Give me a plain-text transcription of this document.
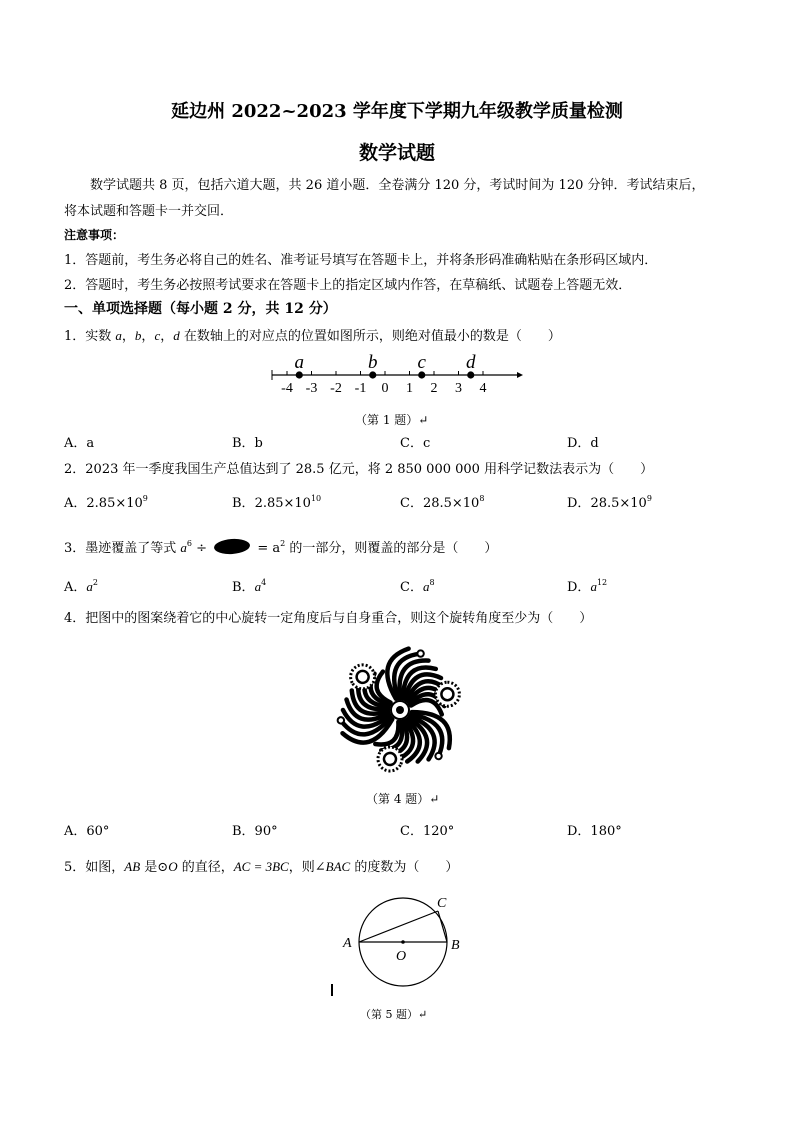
延边州 2022~2023 学年度下学期九年级教学质量检测
数学试题
数学试题共 8 页，包括六道大题，共 26 道小题．全卷满分 120 分，考试时间为 120 分钟．考试结束后，
将本试题和答题卡一并交回．
注意事项：
1．答题前，考生务必将自己的姓名、准考证号填写在答题卡上，并将条形码准确粘贴在条形码区域内．
2．答题时，考生务必按照考试要求在答题卡上的指定区域内作答，在草稿纸、试题卷上答题无效．
一、单项选择题（每小题 2 分，共 12 分）
1．实数 a，b，c，d 在数轴上的对应点的位置如图所示，则绝对值最小的数是（　　）
-4 -3 -2 -1 0 1 2 3 4
a	b c d
（第 1 题）↵
A．a	B．b	C．c	D．d
2．2023 年一季度我国生产总值达到了 28.5 亿元，将 2 850 000 000 用科学记数法表示为（　　）
A．$2.85\times 10^9$	B．$2.85\times 10^{10}$	C．$28.5\times 10^8$	D．$28.5\times 10^9$
3．墨迹覆盖了等式 $a^6$ ÷	= $a^2$ 的一部分，则覆盖的部分是（　　）
A．$a^2$	B．$a^4$	C．$a^8$	D．$a^{12}$
4．把图中的图案绕着它的中心旋转一定角度后与自身重合，则这个旋转角度至少为（　　）
（第 4 题）↵
A．60°	B．90°	C．120°	D．180°
5．如图，AB 是⊙O 的直径，AC = 3BC，则∠BAC 的度数为（　　）
A	B
C
O
（第 5 题）↵
